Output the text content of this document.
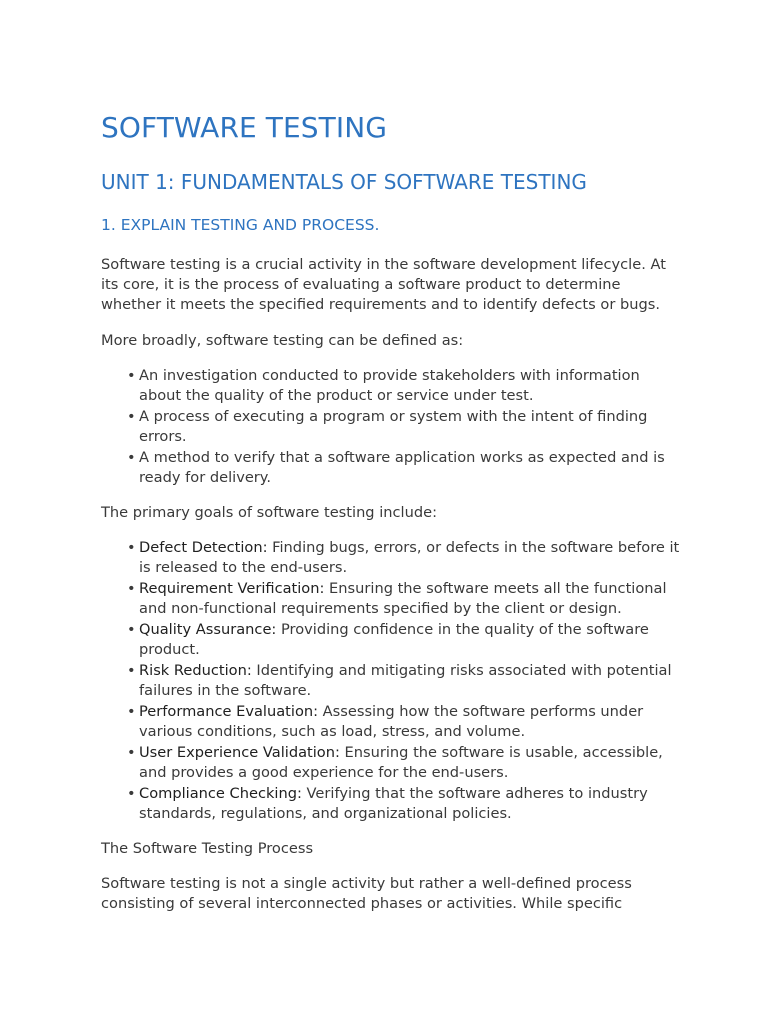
SOFTWARE TESTING
UNIT 1: FUNDAMENTALS OF SOFTWARE TESTING
1. EXPLAIN TESTING AND PROCESS.

Software testing is a crucial activity in the software development lifecycle. At its core, it is the process of evaluating a software product to determine whether it meets the specified requirements and to identify defects or bugs.

More broadly, software testing can be defined as:

• An investigation conducted to provide stakeholders with information about the quality of the product or service under test.
• A process of executing a program or system with the intent of finding errors.
• A method to verify that a software application works as expected and is ready for delivery.

The primary goals of software testing include:

• Defect Detection: Finding bugs, errors, or defects in the software before it is released to the end-users.
• Requirement Verification: Ensuring the software meets all the functional and non-functional requirements specified by the client or design.
• Quality Assurance: Providing confidence in the quality of the software product.
• Risk Reduction: Identifying and mitigating risks associated with potential failures in the software.
• Performance Evaluation: Assessing how the software performs under various conditions, such as load, stress, and volume.
• User Experience Validation: Ensuring the software is usable, accessible, and provides a good experience for the end-users.
• Compliance Checking: Verifying that the software adheres to industry standards, regulations, and organizational policies.

The Software Testing Process

Software testing is not a single activity but rather a well-defined process consisting of several interconnected phases or activities. While specific
